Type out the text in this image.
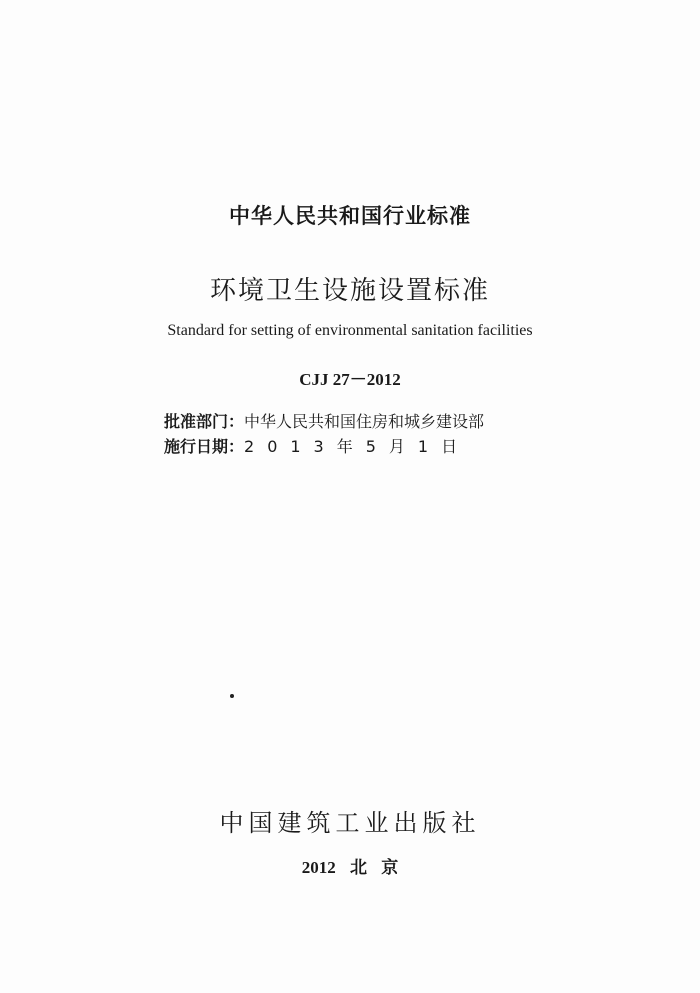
中华人民共和国行业标准
环境卫生设施设置标准
Standard for setting of environmental sanitation facilities
CJJ 27－2012
批准部门：中华人民共和国住房和城乡建设部
施行日期：2013年5月1日
中国建筑工业出版社
2012 北 京
